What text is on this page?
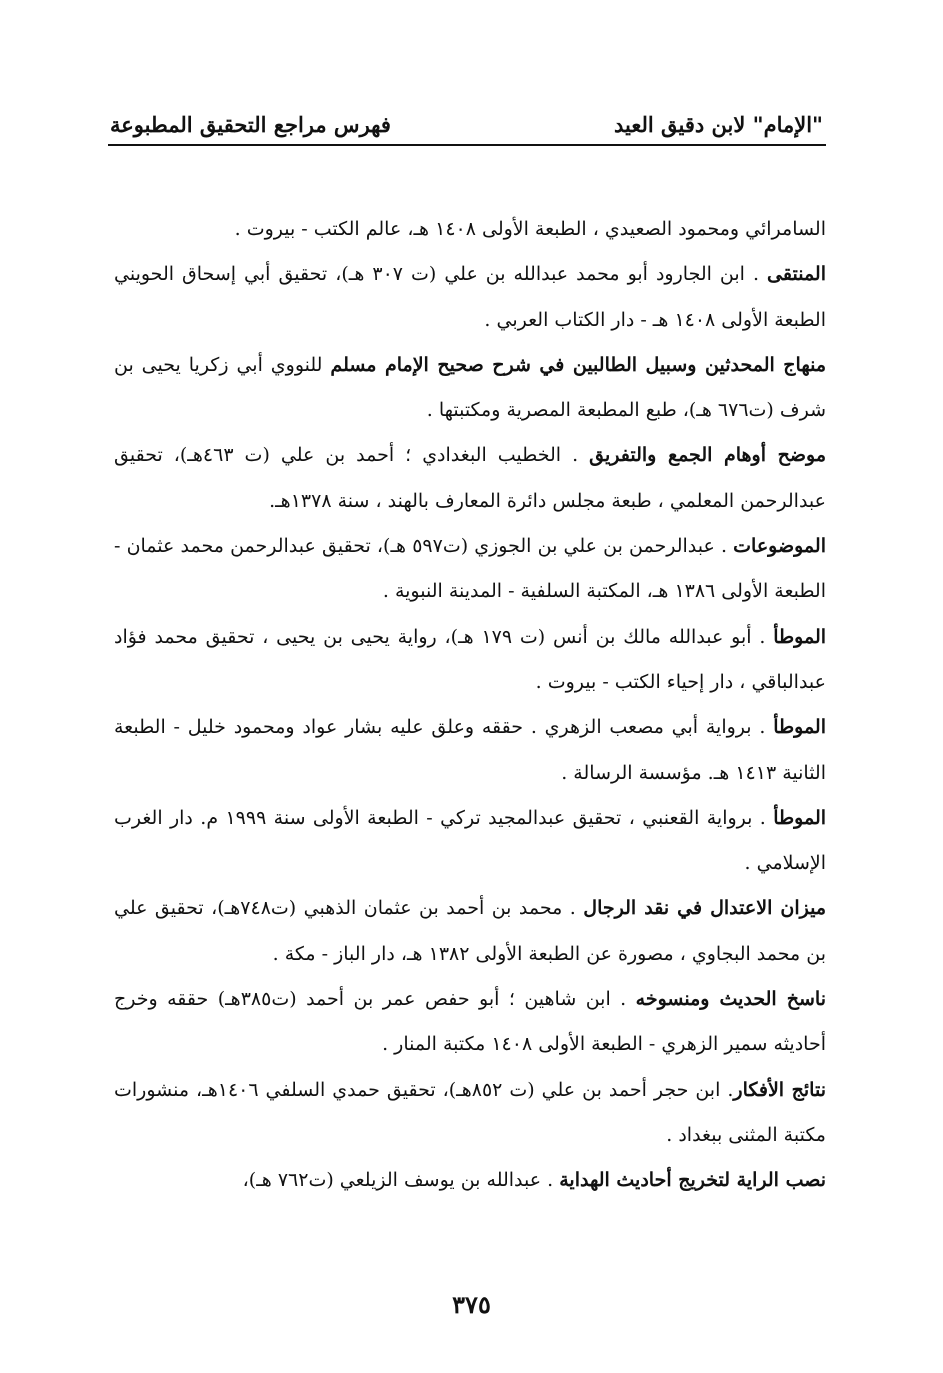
"الإمام" لابن دقيق العيد
فهرس مراجع التحقيق المطبوعة

السامرائي ومحمود الصعيدي ، الطبعة الأولى ١٤٠٨ هـ، عالم الكتب - بيروت .

المنتقى . ابن الجارود أبو محمد عبدالله بن علي (ت ٣٠٧ هـ)، تحقيق أبي إسحاق الحويني الطبعة الأولى ١٤٠٨ هـ - دار الكتاب العربي .

منهاج المحدثين وسبيل الطالبين في شرح صحيح الإمام مسلم للنووي أبي زكريا يحيى بن شرف (ت٦٧٦ هـ)، طبع المطبعة المصرية ومكتبتها .

موضح أوهام الجمع والتفريق . الخطيب البغدادي ؛ أحمد بن علي (ت ٤٦٣هـ)، تحقيق عبدالرحمن المعلمي ، طبعة مجلس دائرة المعارف بالهند ، سنة ١٣٧٨هـ.

الموضوعات . عبدالرحمن بن علي بن الجوزي (ت٥٩٧ هـ)، تحقيق عبدالرحمن محمد عثمان - الطبعة الأولى ١٣٨٦ هـ، المكتبة السلفية - المدينة النبوية .

الموطأ . أبو عبدالله مالك بن أنس (ت ١٧٩ هـ)، رواية يحيى بن يحيى ، تحقيق محمد فؤاد عبدالباقي ، دار إحياء الكتب - بيروت .

الموطأ . برواية أبي مصعب الزهري . حققه وعلق عليه بشار عواد ومحمود خليل - الطبعة الثانية ١٤١٣ هـ. مؤسسة الرسالة .

الموطأ . برواية القعنبي ، تحقيق عبدالمجيد تركي - الطبعة الأولى سنة ١٩٩٩ م. دار الغرب الإسلامي .

ميزان الاعتدال في نقد الرجال . محمد بن أحمد بن عثمان الذهبي (ت٧٤٨هـ)، تحقيق علي بن محمد البجاوي ، مصورة عن الطبعة الأولى ١٣٨٢ هـ، دار الباز - مكة .

ناسخ الحديث ومنسوخه . ابن شاهين ؛ أبو حفص عمر بن أحمد (ت٣٨٥هـ) حققه وخرج أحاديثه سمير الزهري - الطبعة الأولى ١٤٠٨ مكتبة المنار .

نتائج الأفكار. ابن حجر أحمد بن علي (ت ٨٥٢هـ)، تحقيق حمدي السلفي ١٤٠٦هـ، منشورات مكتبة المثنى ببغداد .

نصب الراية لتخريج أحاديث الهداية . عبدالله بن يوسف الزيلعي (ت٧٦٢ هـ)،

٣٧٥
